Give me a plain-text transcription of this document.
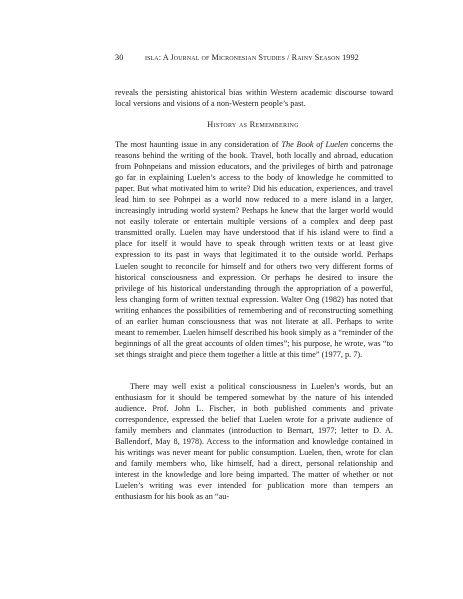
30	isla: A Journal of Micronesian Studies / Rainy Season 1992

reveals the persisting ahistorical bias within Western academic discourse toward local versions and visions of a non-Western people’s past.

History as Remembering

The most haunting issue in any consideration of The Book of Luelen concerns the reasons behind the writing of the book. Travel, both locally and abroad, education from Pohnpeians and mission educators, and the privileges of birth and patronage go far in explaining Luelen’s access to the body of knowledge he committed to paper. But what motivated him to write? Did his education, experiences, and travel lead him to see Pohnpei as a world now reduced to a mere island in a larger, increasingly intruding world system? Perhaps he knew that the larger world would not easily tolerate or entertain multiple versions of a complex and deep past transmitted orally. Luelen may have understood that if his island were to find a place for itself it would have to speak through written texts or at least give expression to its past in ways that legitimated it to the outside world. Perhaps Luelen sought to reconcile for himself and for others two very different forms of historical consciousness and expression. Or perhaps he desired to insure the privilege of his historical understanding through the appropriation of a powerful, less changing form of written textual expression. Walter Ong (1982) has noted that writing enhances the possibilities of remembering and of reconstructing something of an earlier human consciousness that was not literate at all. Perhaps to write meant to remember. Luelen himself described his book simply as a “reminder of the beginnings of all the great accounts of olden times”; his purpose, he wrote, was “to set things straight and piece them together a little at this time” (1977, p. 7).

There may well exist a political consciousness in Luelen’s words, but an enthusiasm for it should be tempered somewhat by the nature of his intended audience. Prof. John L. Fischer, in both published comments and private correspondence, expressed the belief that Luelen wrote for a private audience of family members and clanmates (introduction to Bernart, 1977; letter to D. A. Ballendorf, May 8, 1978). Access to the information and knowledge contained in his writings was never meant for public consumption. Luelen, then, wrote for clan and family members who, like himself, had a direct, personal relationship and interest in the knowledge and lore being imparted. The matter of whether or not Luelen’s writing was ever intended for publication more than tempers an enthusiasm for his book as an “au-
